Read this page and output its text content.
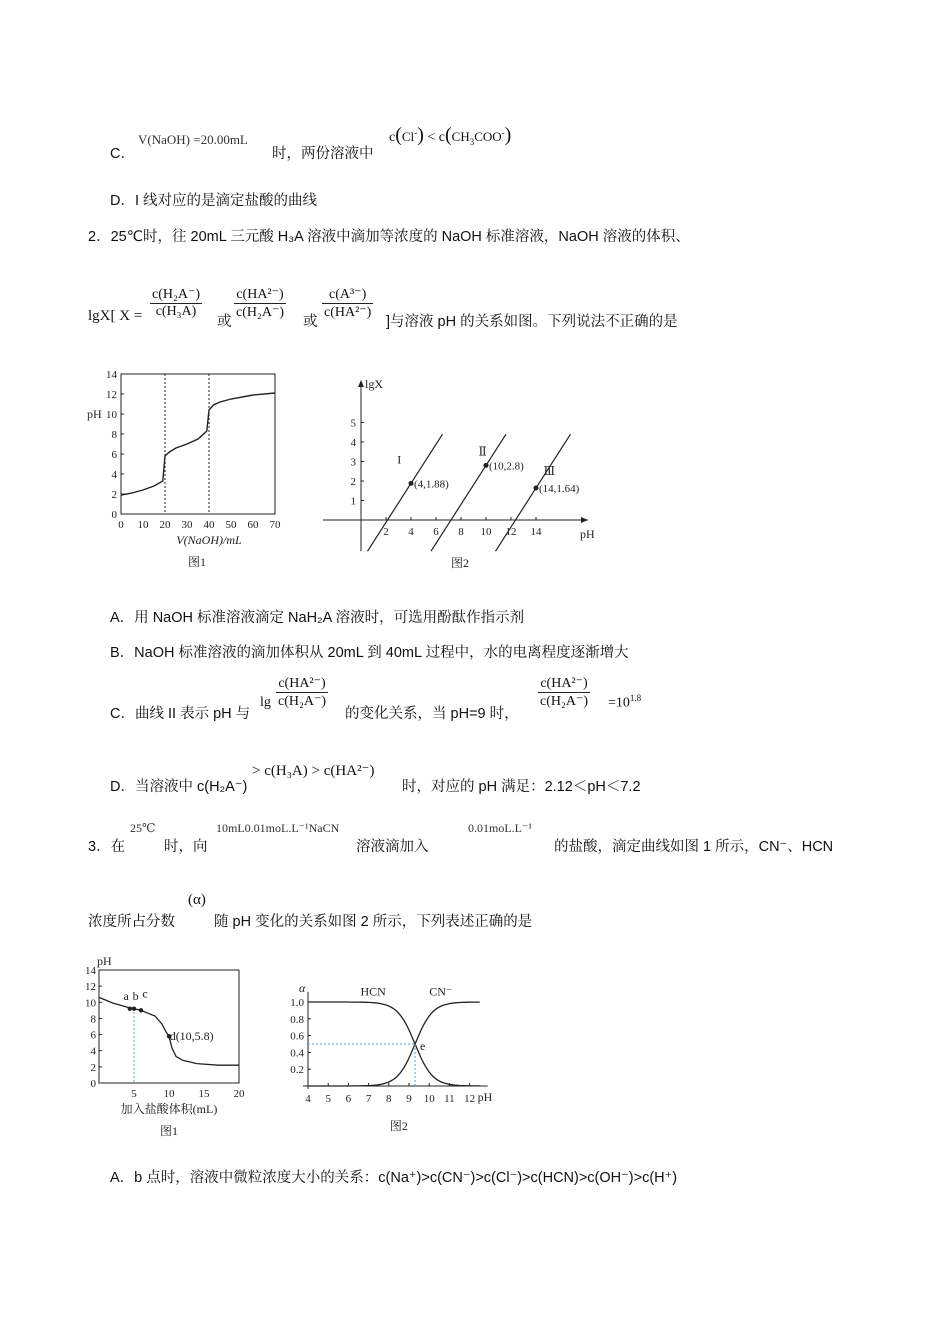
C．
V(NaOH) =20.00mL
时，两份溶液中
$c(Cl^-) < c(CH_3COO^-)$
D．I 线对应的是滴定盐酸的曲线
2．25℃时，往 20mL 三元酸 H₃A 溶液中滴加等浓度的 NaOH 标准溶液，NaOH 溶液的体积、
lgX[ $X = \frac{\text{c(H₂A⁻)}}{\text{c(H₃A)}}$
或
$\frac{\text{c(HA²⁻)}}{\text{c(H₂A⁻)}}$
或
$\frac{\text{c(A³⁻)}}{\text{c(HA²⁻)}}$
]与溶液 pH 的关系如图。下列说法不正确的是
0
2
4
6
8
10
12
14
0 10 20 30 40 50 60 70
pH
V(NaOH)/mL
图1
lgX
pH
1
2
3
4
5
2 4 6 8 10 12 14
(4,1.88)
I	(10,2.8)
Ⅱ
(14,1.64)
Ⅲ
图2
A．用 NaOH 标准溶液滴定 NaH₂A 溶液时，可选用酚酞作指示剂
B．NaOH 标准溶液的滴加体积从 20mL 到 40mL 过程中，水的电离程度逐渐增大
C．曲线 II 表示 pH 与
$\lg \frac{\text{c(HA²⁻)}}{\text{c(H₂A⁻)}}$
的变化关系，当 pH=9 时，
$\frac{\text{c(HA²⁻)}}{\text{c(H₂A⁻)}} =10^{1.8}$
D．当溶液中 c(H₂A⁻)
> c(H₃A) > c(HA²⁻)
时，对应的 pH 满足：2.12＜pH＜7.2
3．在
25℃
时，向
10mL0.01moL.L⁻¹NaCN
溶液滴加入
0.01moL.L⁻¹
的盐酸，滴定曲线如图 1 所示，CN⁻、HCN
浓度所占分数
(α)
随 pH 变化的关系如图 2 所示，下列表述正确的是
0
2
4
6
8
10
12
14
5 10 15 20
pH
加入盐酸体积(mL)
a b c
d(10,5.8)
图1
α
pH
0.2
0.4
0.6
0.8
1.0
4 5 6 7 8 9 10 11 12
HCN	CN⁻
e
图2
A．b 点时，溶液中微粒浓度大小的关系：c(Na⁺)>c(CN⁻)>c(Cl⁻)>c(HCN)>c(OH⁻)>c(H⁺)
